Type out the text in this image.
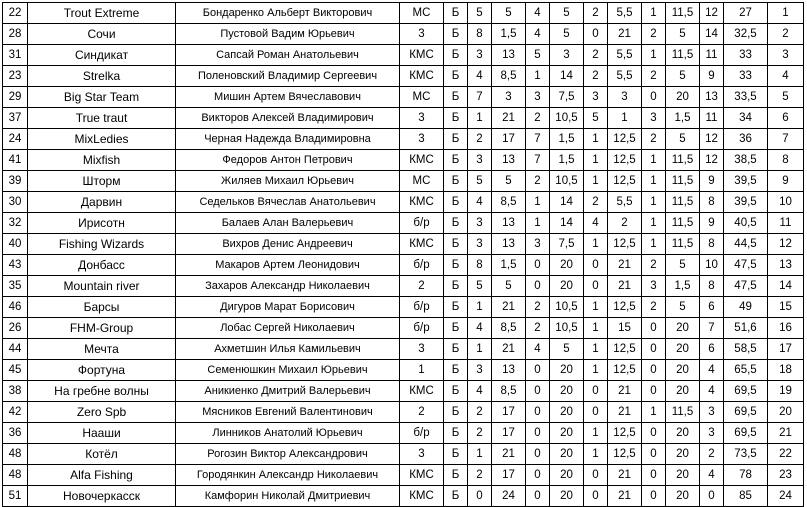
22	Trout Extreme	Бондаренко Альберт Викторович	МС	Б	5	5	4	5	2	5,5	1	11,5	12	27	1
28	Сочи	Пустовой Вадим Юрьевич	3	Б	8	1,5	4	5	0	21	2	5	14	32,5	2
31	Синдикат	Сапсай Роман Анатольевич	КМС	Б	3	13	5	3	2	5,5	1	11,5	11	33	3
23	Strelka	Поленовский Владимир Сергеевич	КМС	Б	4	8,5	1	14	2	5,5	2	5	9	33	4
29	Big Star Team	Мишин Артем Вячеславович	МС	Б	7	3	3	7,5	3	3	0	20	13	33,5	5
37	True traut	Викторов Алексей Владимирович	3	Б	1	21	2	10,5	5	1	3	1,5	11	34	6
24	MixLedies	Черная Надежда Владимировна	3	Б	2	17	7	1,5	1	12,5	2	5	12	36	7
41	Mixfish	Федоров Антон Петрович	КМС	Б	3	13	7	1,5	1	12,5	1	11,5	12	38,5	8
39	Шторм	Жиляев Михаил Юрьевич	МС	Б	5	5	2	10,5	1	12,5	1	11,5	9	39,5	9
30	Дарвин	Седельков Вячеслав Анатольевич	КМС	Б	4	8,5	1	14	2	5,5	1	11,5	8	39,5	10
32	Ирисотн	Балаев Алан Валерьевич	б/р	Б	3	13	1	14	4	2	1	11,5	9	40,5	11
40	Fishing Wizards	Вихров Денис Андреевич	КМС	Б	3	13	3	7,5	1	12,5	1	11,5	8	44,5	12
43	Донбасс	Макаров Артем Леонидович	б/р	Б	8	1,5	0	20	0	21	2	5	10	47,5	13
35	Mountain river	Захаров Александр Николаевич	2	Б	5	5	0	20	0	21	3	1,5	8	47,5	14
46	Барсы	Дигуров Марат Борисович	б/р	Б	1	21	2	10,5	1	12,5	2	5	6	49	15
26	FHM-Group	Лобас Сергей Николаевич	б/р	Б	4	8,5	2	10,5	1	15	0	20	7	51,6	16
44	Мечта	Ахметшин Илья Камильевич	3	Б	1	21	4	5	1	12,5	0	20	6	58,5	17
45	Фортуна	Семенюшкин Михаил Юрьевич	1	Б	3	13	0	20	1	12,5	0	20	4	65,5	18
38	На гребне волны	Аникиенко Дмитрий Валерьевич	КМС	Б	4	8,5	0	20	0	21	0	20	4	69,5	19
42	Zero Spb	Мясников Евгений Валентинович	2	Б	2	17	0	20	0	21	1	11,5	3	69,5	20
36	Нааши	Линников Анатолий Юрьевич	б/р	Б	2	17	0	20	1	12,5	0	20	3	69,5	21
48	Котёл	Рогозин Виктор Александрович	3	Б	1	21	0	20	1	12,5	0	20	2	73,5	22
48	Alfa Fishing	Городянкин Александр Николаевич	КМС	Б	2	17	0	20	0	21	0	20	4	78	23
51	Новочеркасск	Камфорин Николай Дмитриевич	КМС	Б	0	24	0	20	0	21	0	20	0	85	24
